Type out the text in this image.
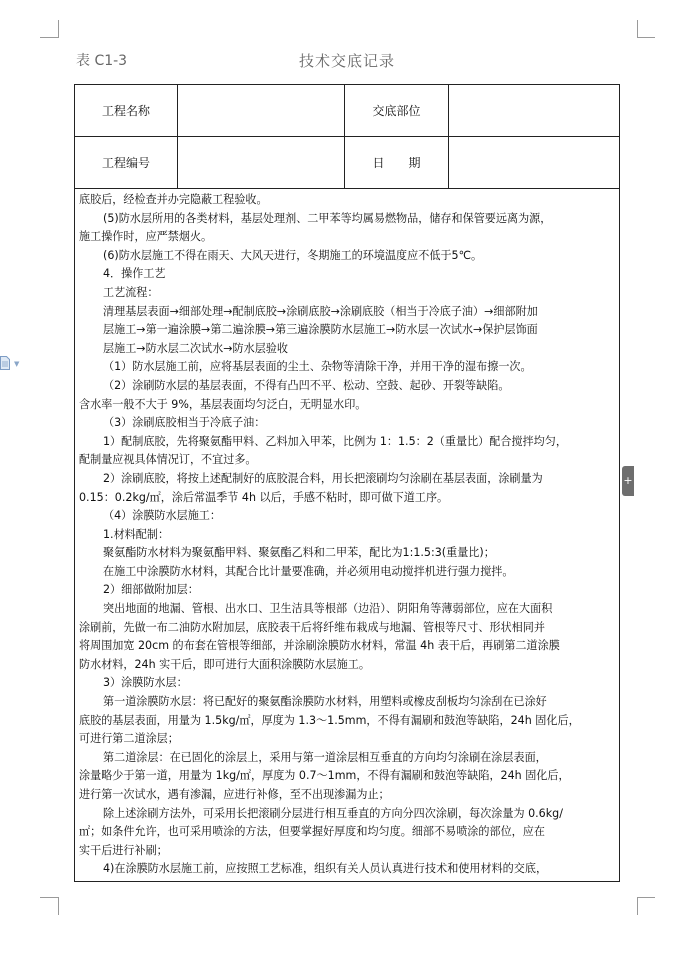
表 C1-3	技术交底记录
▼
工程名称	交底部位
工程编号	日　　期

底胶后，经检查并办完隐蔽工程验收。

(5)防水层所用的各类材料，基层处理剂、二甲苯等均属易燃物品，储存和保管要远离为源，

施工操作时，应严禁烟火。

(6)防水层施工不得在雨天、大风天进行，冬期施工的环境温度应不低于5℃。

4．操作工艺

工艺流程：

清理基层表面→细部处理→配制底胶→涂刷底胶→涂刷底胶（相当于冷底子油）→细部附加

层施工→第一遍涂膜→第二遍涂膜→第三遍涂膜防水层施工→防水层一次试水→保护层饰面

层施工→防水层二次试水→防水层验收

（1）防水层施工前，应将基层表面的尘土、杂物等清除干净，并用干净的湿布擦一次。

（2）涂刷防水层的基层表面，不得有凸凹不平、松动、空鼓、起砂、开裂等缺陷。

含水率一般不大于 9%，基层表面均匀泛白，无明显水印。

（3）涂刷底胶相当于冷底子油：

1）配制底胶，先将聚氨酯甲料、乙料加入甲苯，比例为 1：1.5：2（重量比）配合搅拌均匀，

配制量应视具体情况订，不宜过多。

2）涂刷底胶，将按上述配制好的底胶混合料，用长把滚刷均匀涂刷在基层表面，涂刷量为

0.15：0.2kg/㎡，涂后常温季节 4h 以后，手感不粘时，即可做下道工序。

（4）涂膜防水层施工：

1.材料配制：

聚氨酯防水材料为聚氨酯甲料、聚氨酯乙料和二甲苯，配比为1:1.5:3(重量比)；

在施工中涂膜防水材料，其配合比计量要准确，并必须用电动搅拌机进行强力搅拌。

2）细部做附加层：

突出地面的地漏、管根、出水口、卫生洁具等根部（边沿）、阴阳角等薄弱部位，应在大面积

涂刷前，先做一布二油防水附加层，底胶表干后将纤维布栽成与地漏、管根等尺寸、形状相同并

将周围加宽 20cm 的布套在管根等细部，并涂刷涂膜防水材料，常温 4h 表干后，再刷第二道涂膜

防水材料，24h 实干后，即可进行大面积涂膜防水层施工。

3）涂膜防水层：

第一道涂膜防水层：将已配好的聚氨酯涂膜防水材料，用塑料或橡皮刮板均匀涂刮在已涂好

底胶的基层表面，用量为 1.5kg/㎡，厚度为 1.3～1.5mm，不得有漏刷和鼓泡等缺陷，24h 固化后，

可进行第二道涂层；

第二道涂层：在已固化的涂层上，采用与第一道涂层相互垂直的方向均匀涂刷在涂层表面，

涂量略少于第一道，用量为 1kg/㎡，厚度为 0.7～1mm，不得有漏刷和鼓泡等缺陷，24h 固化后，

进行第一次试水，遇有渗漏，应进行补修，至不出现渗漏为止；

除上述涂刷方法外，可采用长把滚刷分层进行相互垂直的方向分四次涂刷，每次涂量为 0.6kg/

㎡；如条件允许，也可采用喷涂的方法，但要掌握好厚度和均匀度。细部不易喷涂的部位，应在

实干后进行补刷；

4)在涂膜防水层施工前，应按照工艺标准，组织有关人员认真进行技术和使用材料的交底，

+
